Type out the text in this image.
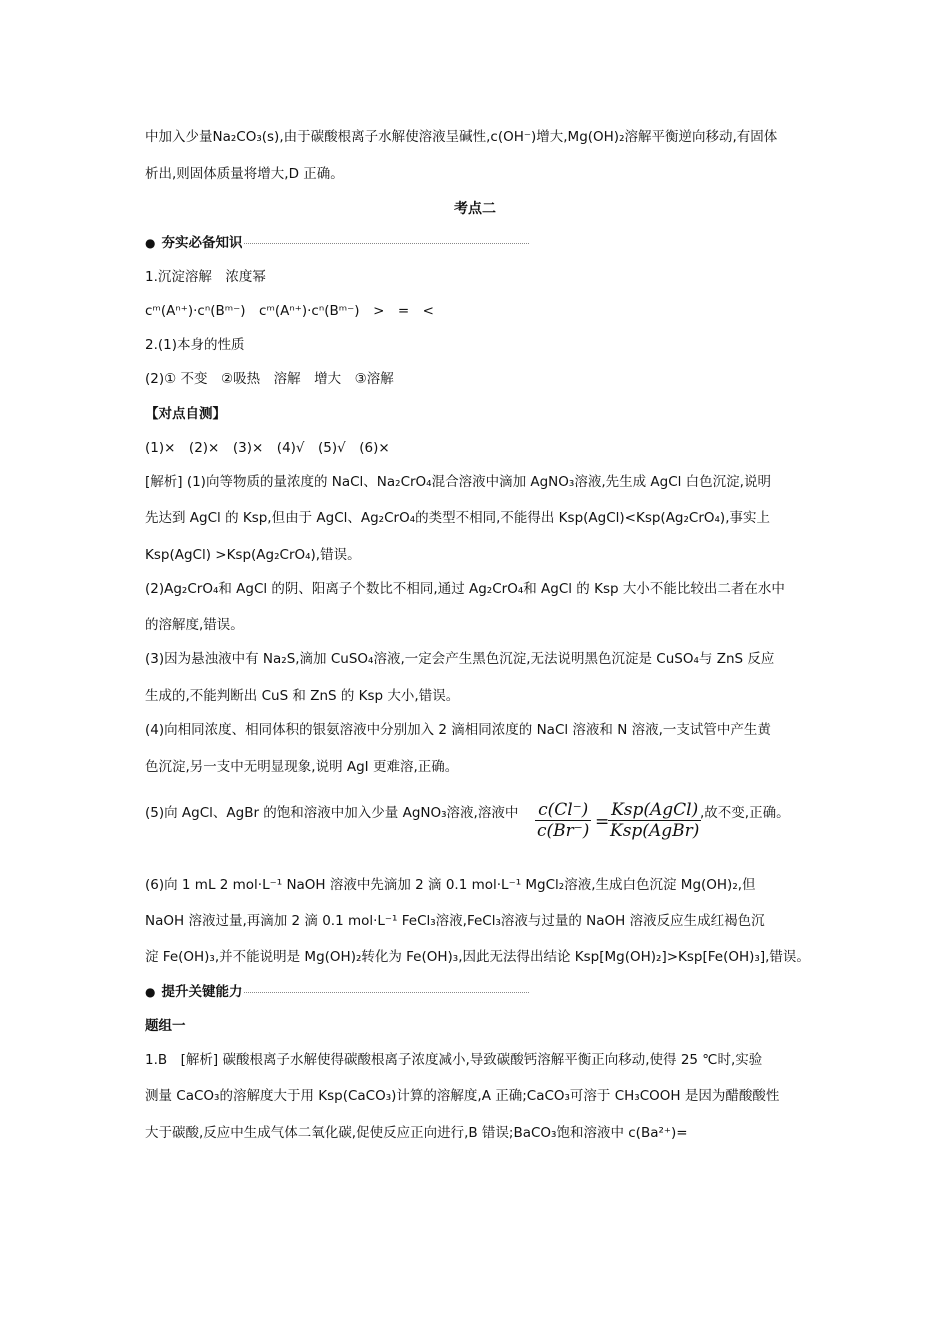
中加入少量Na₂CO₃(s),由于碳酸根离子水解使溶液呈碱性,c(OH⁻)增大,Mg(OH)₂溶解平衡逆向移动,有固体
析出,则固体质量将增大,D 正确。
考点二
● 夯实必备知识
1.沉淀溶解　浓度幂
cᵐ(Aⁿ⁺)·cⁿ(Bᵐ⁻)　cᵐ(Aⁿ⁺)·cⁿ(Bᵐ⁻)　>　=　<
2.(1)本身的性质
(2)① 不变　②吸热　溶解　增大　③溶解
【对点自测】
(1)×　(2)×　(3)×　(4)√　(5)√　(6)×
[解析] (1)向等物质的量浓度的 NaCl、Na₂CrO₄混合溶液中滴加 AgNO₃溶液,先生成 AgCl 白色沉淀,说明
先达到 AgCl 的 Ksp,但由于 AgCl、Ag₂CrO₄的类型不相同,不能得出 Ksp(AgCl)<Ksp(Ag₂CrO₄),事实上
Ksp(AgCl) >Ksp(Ag₂CrO₄),错误。
(2)Ag₂CrO₄和 AgCl 的阴、阳离子个数比不相同,通过 Ag₂CrO₄和 AgCl 的 Ksp 大小不能比较出二者在水中
的溶解度,错误。
(3)因为悬浊液中有 Na₂S,滴加 CuSO₄溶液,一定会产生黑色沉淀,无法说明黑色沉淀是 CuSO₄与 ZnS 反应
生成的,不能判断出 CuS 和 ZnS 的 Ksp 大小,错误。
(4)向相同浓度、相同体积的银氨溶液中分别加入 2 滴相同浓度的 NaCl 溶液和 N 溶液,一支试管中产生黄
色沉淀,另一支中无明显现象,说明 AgI 更难溶,正确。
(5)向 AgCl、AgBr 的饱和溶液中加入少量 AgNO₃溶液,溶液中 $\frac{c(Cl^-)}{c(Br^-)}$ =
Ksp(AgCl)
Ksp(AgBr)
,故不变,正确。
(6)向 1 mL 2 mol·L⁻¹ NaOH 溶液中先滴加 2 滴 0.1 mol·L⁻¹ MgCl₂溶液,生成白色沉淀 Mg(OH)₂,但
NaOH 溶液过量,再滴加 2 滴 0.1 mol·L⁻¹ FeCl₃溶液,FeCl₃溶液与过量的 NaOH 溶液反应生成红褐色沉
淀 Fe(OH)₃,并不能说明是 Mg(OH)₂转化为 Fe(OH)₃,因此无法得出结论 Ksp[Mg(OH)₂]>Ksp[Fe(OH)₃],错误。
● 提升关键能力
题组一
1.B　[解析] 碳酸根离子水解使得碳酸根离子浓度减小,导致碳酸钙溶解平衡正向移动,使得 25 ℃时,实验
测量 CaCO₃的溶解度大于用 Ksp(CaCO₃)计算的溶解度,A 正确;CaCO₃可溶于 CH₃COOH 是因为醋酸酸性
大于碳酸,反应中生成气体二氧化碳,促使反应正向进行,B 错误;BaCO₃饱和溶液中 c(Ba²⁺)=
